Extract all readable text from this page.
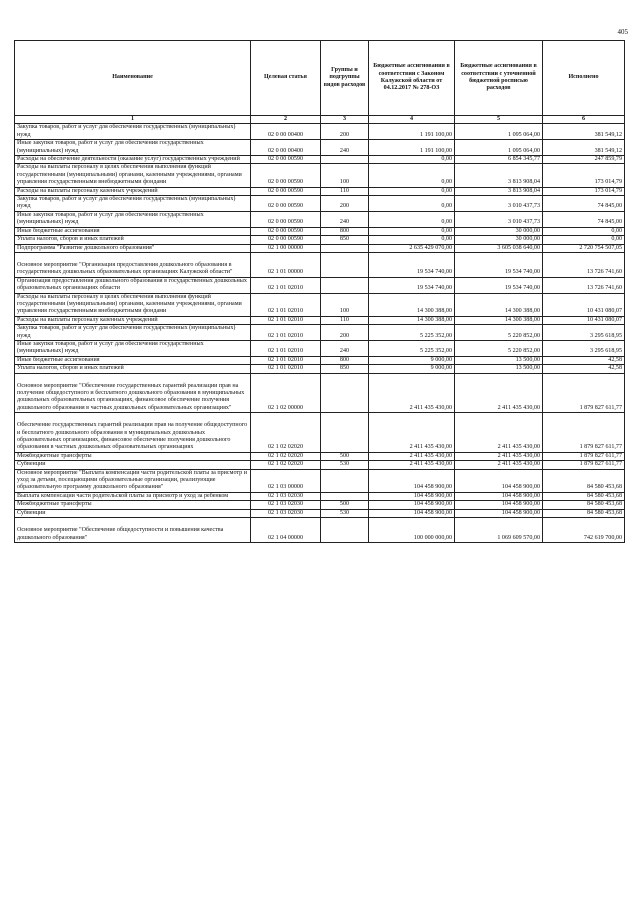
405
Наименование	Целевая статья	Группы и подгруппы видов расходов	Бюджетные ассигнования в соответствии с Законом Калужской области от 04.12.2017 № 278-ОЗ	Бюджетные ассигнования в соответствии с уточненной бюджетной росписью расходов	Исполнено
1	2	3	4	5	6
Закупка товаров, работ и услуг для обеспечения государственных (муниципальных) нужд	02 0 00 00400	200	1 191 100,00	1 095 064,00	381 549,12
Иные закупки товаров, работ и услуг для обеспечения государственных (муниципальных) нужд	02 0 00 00400	240	1 191 100,00	1 095 064,00	381 549,12
Расходы на обеспечение деятельности (оказание услуг) государственных учреждений	02 0 00 00590		0,00	6 854 345,77	247 859,79
Расходы на выплаты персоналу в целях обеспечения выполнения функций государственными (муниципальными) органами, казенными учреждениями, органами управления государственными внебюджетными фондами	02 0 00 00590	100	0,00	3 813 908,04	173 014,79
Расходы на выплаты персоналу казенных учреждений	02 0 00 00590	110	0,00	3 813 908,04	173 014,79
Закупка товаров, работ и услуг для обеспечения государственных (муниципальных) нужд	02 0 00 00590	200	0,00	3 010 437,73	74 845,00
Иные закупки товаров, работ и услуг для обеспечения государственных (муниципальных) нужд	02 0 00 00590	240	0,00	3 010 437,73	74 845,00
Иные бюджетные ассигнования	02 0 00 00590	800	0,00	30 000,00	0,00
Уплата налогов, сборов и иных платежей	02 0 00 00590	850	0,00	30 000,00	0,00
Подпрограмма "Развитие дошкольного образования"	02 1 00 00000		2 635 429 070,00	3 605 038 640,00	2 720 754 507,05
Основное мероприятие "Организация предоставления дошкольного образования в государственных дошкольных образовательных организациях Калужской области"	02 1 01 00000		19 534 740,00	19 534 740,00	13 726 741,60
Организация предоставления дошкольного образования в государственных дошкольных образовательных организациях области	02 1 01 02010		19 534 740,00	19 534 740,00	13 726 741,60
Расходы на выплаты персоналу в целях обеспечения выполнения функций государственными (муниципальными) органами, казенными учреждениями, органами управления государственными внебюджетными фондами	02 1 01 02010	100	14 300 388,00	14 300 388,00	10 431 080,07
Расходы на выплаты персоналу казенных учреждений	02 1 01 02010	110	14 300 388,00	14 300 388,00	10 431 080,07
Закупка товаров, работ и услуг для обеспечения государственных (муниципальных) нужд	02 1 01 02010	200	5 225 352,00	5 220 852,00	3 295 618,95
Иные закупки товаров, работ и услуг для обеспечения государственных (муниципальных) нужд	02 1 01 02010	240	5 225 352,00	5 220 852,00	3 295 618,95
Иные бюджетные ассигнования	02 1 01 02010	800	9 000,00	13 500,00	42,58
Уплата налогов, сборов и иных платежей	02 1 01 02010	850	9 000,00	13 500,00	42,58
Основное мероприятие "Обеспечение государственных гарантий реализации прав на получение общедоступного и бесплатного дошкольного образования в муниципальных дошкольных образовательных организациях, финансовое обеспечение получения дошкольного образования в частных дошкольных образовательных организациях"	02 1 02 00000		2 411 435 430,00	2 411 435 430,00	1 879 827 611,77
Обеспечение государственных гарантий реализации прав на получение общедоступного и бесплатного дошкольного образования в муниципальных дошкольных образовательных организациях, финансовое обеспечение получения дошкольного образования в частных дошкольных образовательных организациях	02 1 02 02020		2 411 435 430,00	2 411 435 430,00	1 879 827 611,77
Межбюджетные трансферты	02 1 02 02020	500	2 411 435 430,00	2 411 435 430,00	1 879 827 611,77
Субвенции	02 1 02 02020	530	2 411 435 430,00	2 411 435 430,00	1 879 827 611,77
Основное мероприятие "Выплата компенсации части родительской платы за присмотр и уход за детьми, посещающими образовательные организации, реализующие образовательную программу дошкольного образования"	02 1 03 00000		104 458 900,00	104 458 900,00	84 580 453,68
Выплата компенсации части родительской платы за присмотр и уход за ребенком	02 1 03 02030		104 458 900,00	104 458 900,00	84 580 453,68
Межбюджетные трансферты	02 1 03 02030	500	104 458 900,00	104 458 900,00	84 580 453,68
Субвенции	02 1 03 02030	530	104 458 900,00	104 458 900,00	84 580 453,68
Основное мероприятие "Обеспечение общедоступности и повышения качества дошкольного образования"	02 1 04 00000		100 000 000,00	1 069 609 570,00	742 619 700,00
